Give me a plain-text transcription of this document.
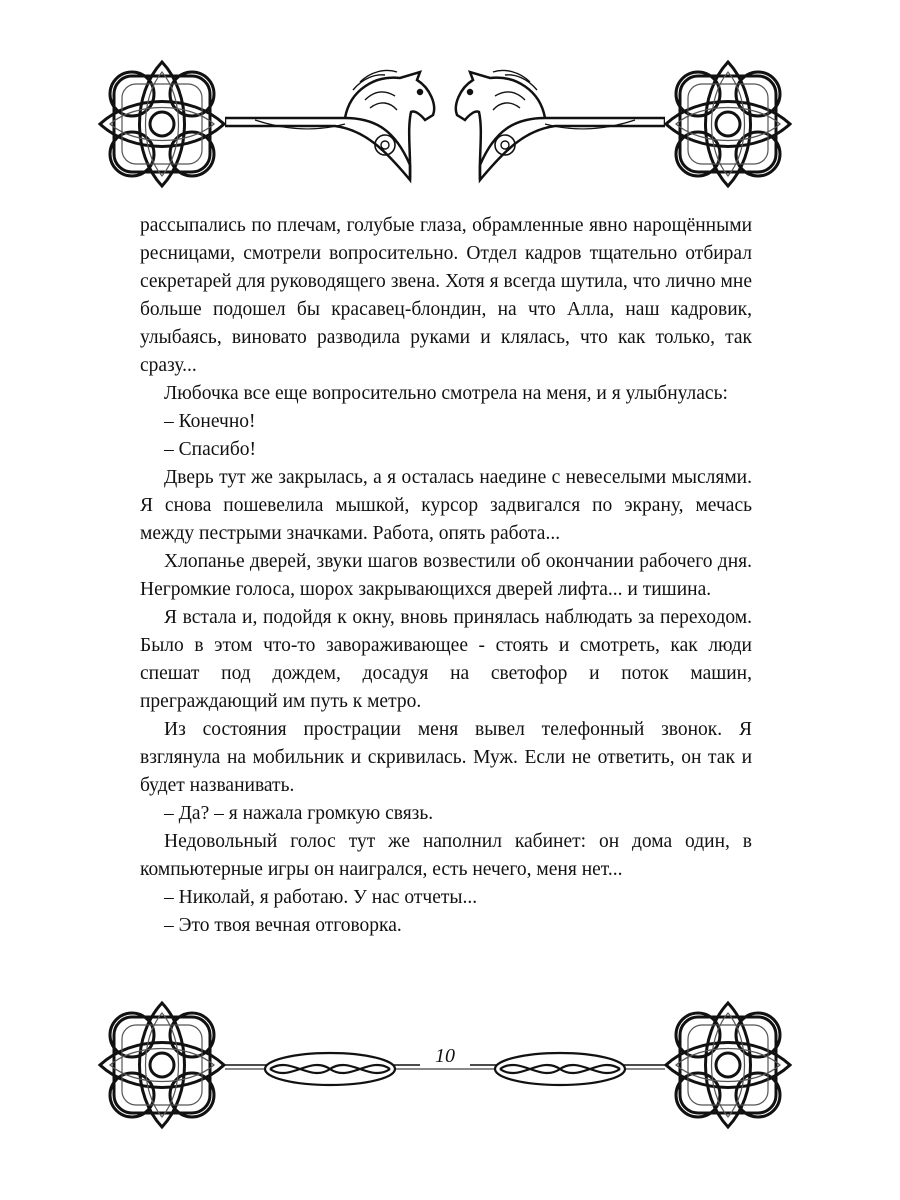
рассыпались по плечам, голубые глаза, обрамленные явно нарощёнными ресницами, смотрели вопросительно. Отдел кадров тщательно отбирал секретарей для руководящего звена. Хотя я всегда шутила, что лично мне больше подошел бы красавец-блондин, на что Алла, наш кадровик, улыбаясь, виновато разводила руками и клялась, что как только, так сразу...

Любочка все еще вопросительно смотрела на меня, и я улыбнулась:

– Конечно!

– Спасибо!

Дверь тут же закрылась, а я осталась наедине с невеселыми мыслями. Я снова пошевелила мышкой, курсор задвигался по экрану, мечась между пестрыми значками. Работа, опять работа...

Хлопанье дверей, звуки шагов возвестили об окончании рабочего дня. Негромкие голоса, шорох закрывающихся дверей лифта... и тишина.

Я встала и, подойдя к окну, вновь принялась наблюдать за переходом. Было в этом что-то завораживающее - стоять и смотреть, как люди спешат под дождем, досадуя на светофор и поток машин, преграждающий им путь к метро.

Из состояния прострации меня вывел телефонный звонок. Я взглянула на мобильник и скривилась. Муж. Если не ответить, он так и будет названивать.

– Да? – я нажала громкую связь.

Недовольный голос тут же наполнил кабинет: он дома один, в компьютерные игры он наигрался, есть нечего, меня нет...

– Николай, я работаю. У нас отчеты...

– Это твоя вечная отговорка.

10
